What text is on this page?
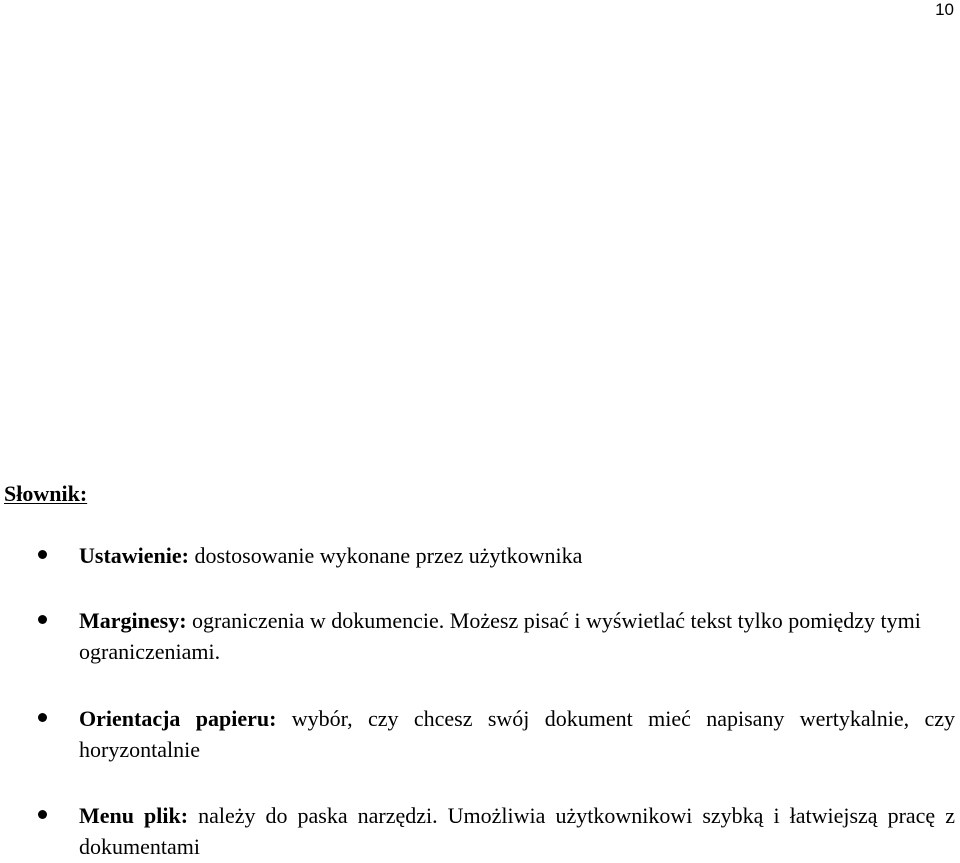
10
Słownik:
Ustawienie: dostosowanie wykonane przez użytkownika
Marginesy: ograniczenia w dokumencie. Możesz pisać i wyświetlać tekst tylko pomiędzy tymi ograniczeniami.
Orientacja papieru: wybór, czy chcesz swój dokument mieć napisany wertykalnie, czy horyzontalnie
Menu plik: należy do paska narzędzi. Umożliwia użytkownikowi szybką i łatwiejszą pracę z dokumentami
